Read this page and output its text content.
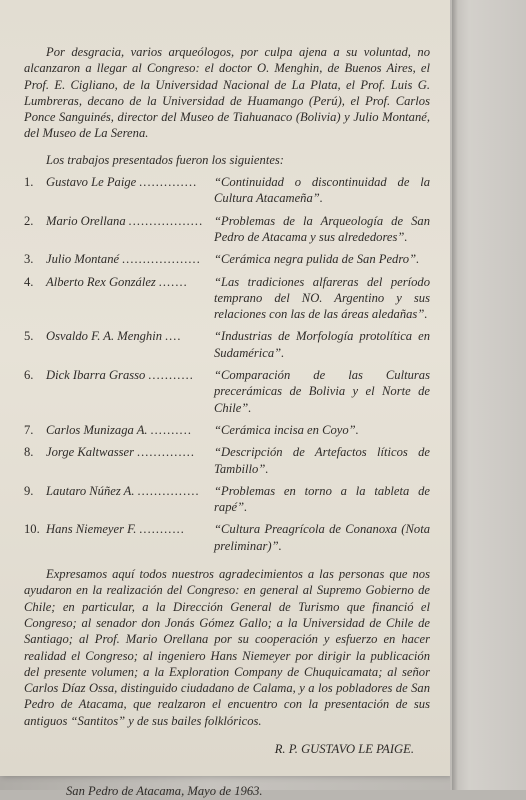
Por desgracia, varios arqueólogos, por culpa ajena a su voluntad, no alcanzaron a llegar al Congreso: el doctor O. Menghin, de Buenos Aires, el Prof. E. Cigliano, de la Universidad Nacional de La Plata, el Prof. Luis G. Lumbreras, decano de la Universidad de Huamango (Perú), el Prof. Carlos Ponce Sanguinés, director del Museo de Tiahuanaco (Bolivia) y Julio Montané, del Museo de La Serena.

Los trabajos presentados fueron los siguientes:

1. Gustavo Le Paige ..............	“Continuidad o discontinuidad de la Cultura Atacameña”.
2. Mario Orellana .................. “Problemas de la Arqueología de San Pedro de Atacama y sus alrededores”.
3. Julio Montané ...................	“Cerámica negra pulida de San Pedro”.
4. Alberto Rex González .......	“Las tradiciones alfareras del período temprano del NO. Argentino y sus relaciones con las de las áreas aledañas”.
5. Osvaldo F. A. Menghin ....	“Industrias de Morfología protolítica en Sudamérica”.
6. Dick Ibarra Grasso ...........	“Comparación de las Culturas precerámicas de Bolivia y el Norte de Chile”.
7. Carlos Munizaga A. ..........	“Cerámica incisa en Coyo”.
8. Jorge Kaltwasser ..............	“Descripción de Artefactos líticos de Tambillo”.
9. Lautaro Núñez A. ...............	“Problemas en torno a la tableta de rapé”.
10. Hans Niemeyer F. ...........	“Cultura Preagrícola de Conanoxa (Nota preliminar)”.

Expresamos aquí todos nuestros agradecimientos a las personas que nos ayudaron en la realización del Congreso: en general al Supremo Gobierno de Chile; en particular, a la Dirección General de Turismo que financió el Congreso; al senador don Jonás Gómez Gallo; a la Universidad de Chile de Santiago; al Prof. Mario Orellana por su cooperación y esfuerzo en hacer realidad el Congreso; al ingeniero Hans Niemeyer por dirigir la publicación del presente volumen; a la Exploration Company de Chuquicamata; al señor Carlos Díaz Ossa, distinguido ciudadano de Calama, y a los pobladores de San Pedro de Atacama, que realzaron el encuentro con la presentación de sus antiguos “Santitos” y de sus bailes folklóricos.

R. P. GUSTAVO LE PAIGE.

San Pedro de Atacama, Mayo de 1963.
